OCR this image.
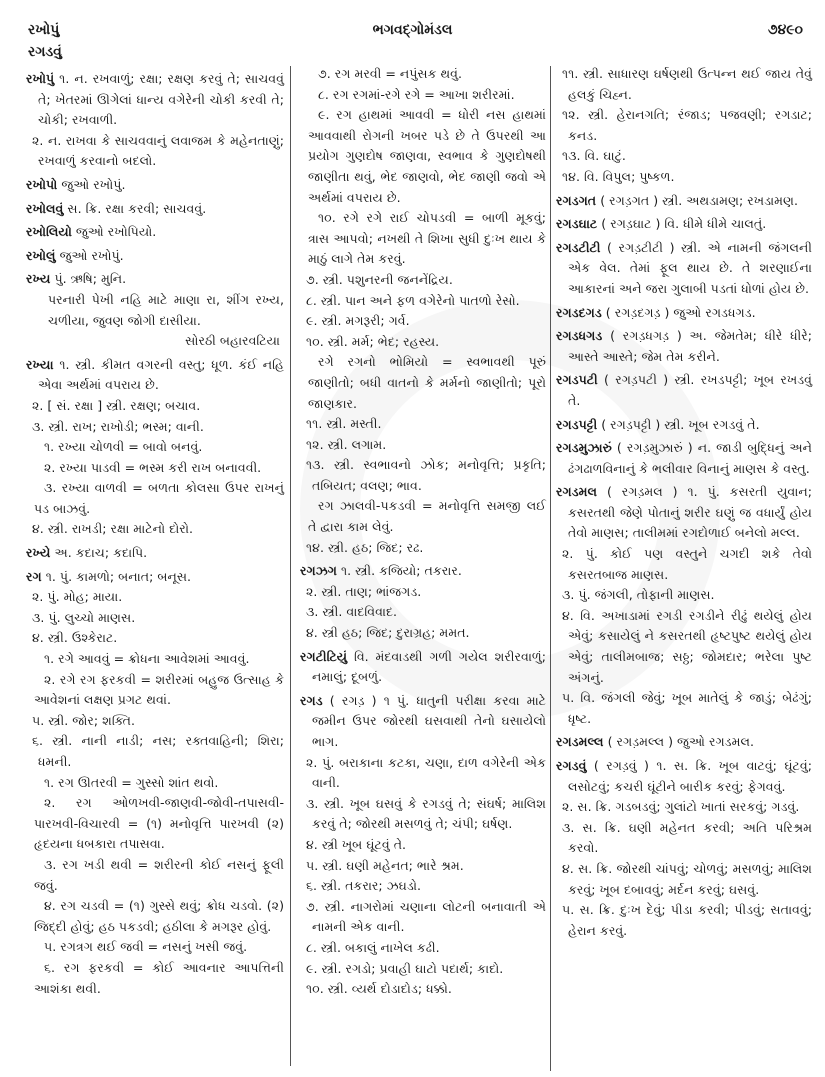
રખોપું	ભગવદ્ગોમંડલ	૭૪૯૦
રગડવું
રખોપું ૧. ન. રખવાળું; રક્ષા; રક્ષણ કરવું તે; સાચવવું તે; ખેતરમાં ઊગેલાં ધાન્ય વગેરેની ચોકી કરવી તે; ચોકી; રખવાળી.
૨. ન. રાખવા કે સાચવવાનું લવાજમ કે મહેનતાણું; રખવાળું કરવાનો બદલો.
રખોપો જુઓ રખોપું.
રખોલવું સ. ક્રિ. રક્ષા કરવી; સાચવવું.
રખોલિયો જુઓ રખોપિયો.
રખોલું જુઓ રખોપું.
રખ્ય પું. ઋષિ; મુનિ.
પરનારી પેખી નહિ માટે માણા રા, શીંગ રખ્ય, ચળીયા, જુવણ જોગી દાસીયા.
સોરઠી બહારવટિયા
રખ્યા ૧. સ્ત્રી. કીમત વગરની વસ્તુ; ધૂળ. કંઈ નહિ એવા અર્થમાં વપરાય છે.
૨. [ સં. રક્ષા ] સ્ત્રી. રક્ષણ; બચાવ.
૩. સ્ત્રી. રાખ; રાખોડી; ભસ્મ; વાની.
૧. રખ્યા ચોળવી = બાવો બનવું.
૨. રખ્યા પાડવી = ભસ્મ કરી રાખ બનાવવી.
૩. રખ્યા વાળવી = બળતા કોલસા ઉપર રાખનું પડ બાઝવું.
૪. સ્ત્રી. રાખડી; રક્ષા માટેનો દોરો.
રખ્યે અ. કદાચ; કદાપિ.
રગ ૧. પું. કામળો; બનાત; બનૂસ.
૨. પું. મોહ; માયા.
૩. પું. લુચ્ચો માણસ.
૪. સ્ત્રી. ઉશ્કેરાટ.
૧. રગે આવવું = ક્રોધના આવેશમાં આવવું.
૨. રગે રગ ફરકવી = શરીરમાં બહુજ ઉત્સાહ કે આવેશનાં લક્ષણ પ્રગટ થવાં.
૫. સ્ત્રી. જોર; શક્તિ.
૬. સ્ત્રી. નાની નાડી; નસ; રક્તવાહિની; શિરા; ધમની.
૧. રગ ઊતરવી = ગુસ્સો શાંત થવો.
૨. રગ ઓળખવી-જાણવી-જોવી-તપાસવી-પારખવી-વિચારવી = (૧) મનોવૃત્તિ પારખવી (૨) હૃદયના ધબકારા તપાસવા.
૩. રગ ખડી થવી = શરીરની કોઈ નસનું ફૂલી જવું.
૪. રગ ચડવી = (૧) ગુસ્સે થવું; ક્રોધ ચડવો. (૨) જિદ્દી હોવું; હઠ પકડવી; હઠીલા કે મગરૂર હોવું.
૫. રગત્રગ થઈ જવી = નસનું ખસી જવું.
૬. રગ ફરકવી = કોઈ આવનાર આપત્તિની આશંકા થવી.
૭. રગ મરવી = નપુંસક થવું.
૮. રગ રગમાં-રગે રગે = આખા શરીરમાં.
૯. રગ હાથમાં આવવી = ધોરી નસ હાથમાં આવવાથી રોગની ખબર પડે છે તે ઉપરથી આ પ્રયોગ ગુણદોષ જાણવા, સ્વભાવ કે ગુણદોષથી જાણીતા થવું, ભેદ જાણવો, ભેદ જાણી જવો એ અર્થમાં વપરાય છે.
૧૦. રગે રગે રાઈ ચોપડવી = બાળી મૂકવું; ત્રાસ આપવો; નખથી તે શિખા સુધી દુઃખ થાય કે માઠું લાગે તેમ કરવું.
૭. સ્ત્રી. પશુનરની જનનેંદ્રિય.
૮. સ્ત્રી. પાન અને ફળ વગેરેનો પાતળો રેસો.
૯. સ્ત્રી. મગરૂરી; ગર્વ.
૧૦. સ્ત્રી. મર્મ; ભેદ; રહસ્ય.
રગે રગનો ભોમિયો = સ્વભાવથી પૂરું જાણીતો; બધી વાતનો કે મર્મનો જાણીતો; પૂરો જાણકાર.
૧૧. સ્ત્રી. મસ્તી.
૧૨. સ્ત્રી. લગામ.
૧૩. સ્ત્રી. સ્વભાવનો ઝોક; મનોવૃત્તિ; પ્રકૃતિ; તબિયત; વલણ; ભાવ.
રગ ઝાલવી-પકડવી = મનોવૃત્તિ સમજી લઈ તે દ્વારા કામ લેવું.
૧૪. સ્ત્રી. હઠ; જિદ; રઢ.
રગઝગ ૧. સ્ત્રી. કજિયો; તકરાર.
૨. સ્ત્રી. તાણ; ભાંજગડ.
૩. સ્ત્રી. વાદવિવાદ.
૪. સ્ત્રી હઠ; જિદ; દુરાગ્રહ; મમત.
રગટીટિયું વિ. મંદવાડથી ગળી ગયેલ શરીરવાળું; નમાલું; દૂબળું.
રગડ ( રગડ઼ ) ૧ પું. ધાતુની પરીક્ષા કરવા માટે જમીન ઉપર જોરથી ઘસવાથી તેનો ઘસાયેલો ભાગ.
૨. પું. બરાકાના કટકા, ચણા, દાળ વગેરેની એક વાની.
૩. સ્ત્રી. ખૂબ ઘસવું કે રગડવું તે; સંઘર્ષ; માલિશ કરવું તે; જોરથી મસળવું તે; ચંપી; ઘર્ષણ.
૪. સ્ત્રી ખૂબ ઘૂંટવું તે.
૫. સ્ત્રી. ઘણી મહેનત; ભારે શ્રમ.
૬. સ્ત્રી. તકરાર; ઝઘડો.
૭. સ્ત્રી. નાગરોમાં ચણાના લોટની બનાવાતી એ નામની એક વાની.
૮. સ્ત્રી. બકાલું નાખેલ કઢી.
૯. સ્ત્રી. રગડો; પ્રવાહી ઘાટો પદાર્થ; કાદો.
૧૦. સ્ત્રી. વ્યર્થ દોડાદોડ; ધક્કો.
૧૧. સ્ત્રી. સાધારણ ઘર્ષણથી ઉત્પન્ન થઈ જાય તેવું હલકું ચિહ્ન.
૧૨. સ્ત્રી. હેરાનગતિ; રંજાડ; પજવણી; રગડાટ; કનડ.
૧૩. વિ. ઘાટું.
૧૪. વિ. વિપુલ; પુષ્કળ.
રગડગત ( રગડ઼ગત ) સ્ત્રી. અથડામણ; રખડામણ.
રગડઘાટ ( રગડ઼ઘાટ ) વિ. ધીમે ધીમે ચાલતું.
રગડટીટી ( રગડ઼ટીટી ) સ્ત્રી. એ નામની જંગલની એક વેલ. તેમાં ફૂલ થાય છે. તે શરણાઈના આકારનાં અને જરા ગુલાબી પડતાં ધોળાં હોય છે.
રગડદગડ ( રગડ઼દગડ઼ ) જુઓ રગડધગડ.
રગડધગડ ( રગડ઼ધગડ઼ ) અ. જેમતેમ; ધીરે ધીરે; આસ્તે આસ્તે; જેમ તેમ કરીને.
રગડપટી ( રગડ઼પટી ) સ્ત્રી. રખડપટ્ટી; ખૂબ રખડવું તે.
રગડપટ્ટી ( રગડ઼પટ્ટી ) સ્ત્રી. ખૂબ રગડવું તે.
રગડમુઝારું ( રગડ઼મુઝારું ) ન. જાડી બુદ્ધિનું અને ઢંગઢાળવિનાનું કે ભલીવાર વિનાનું માણસ કે વસ્તુ.
રગડમલ ( રગડ઼મલ ) ૧. પું. કસરતી યુવાન; કસરતથી જેણે પોતાનું શરીર ઘણું જ વધાર્યું હોય તેવો માણસ; તાલીમમાં રગદોળાઈ બનેલો મલ્લ.
૨. પું. કોઈ પણ વસ્તુને ચગદી શકે તેવો કસરતબાજ માણસ.
૩. પું. જંગલી, તોફાની માણસ.
૪. વિ. અખાડામાં રગડી રગડીને રીઢું થયેલું હોય એવું; કસાયેલું ને કસરતથી હૃષ્ટપુષ્ટ થયેલું હોય એવું; તાલીમબાજ; સઠ્ઠ; જોમદાર; ભરેલા પુષ્ટ અંગનું.
૫. વિ. જંગલી જેવું; ખૂબ માતેલું કે જાડું; બેઢંગું; ધૃષ્ટ.
રગડમલ્લ ( રગડ઼મલ્લ ) જુઓ રગડમલ.
રગડવું ( રગડ઼વું ) ૧. સ. ક્રિ. ખૂબ વાટવું; ઘૂંટવું; લસોટવું; કચરી ઘૂંટીને બારીક કરવું; ફેગવવું.
૨. સ. ક્રિ. ગડબડવું; ગુલાંટો ખાતાં સરકવું; ગડવું.
૩. સ. ક્રિ. ઘણી મહેનત કરવી; અતિ પરિશ્રમ કરવો.
૪. સ. ક્રિ. જોરથી ચાંપવું; ચોળવું; મસળવું; માલિશ કરવું; ખૂબ દબાવવું; મર્દન કરવું; ઘસવું.
૫. સ. ક્રિ. દુઃખ દેવું; પીડા કરવી; પીડવું; સતાવવું; હેરાન કરવું.
